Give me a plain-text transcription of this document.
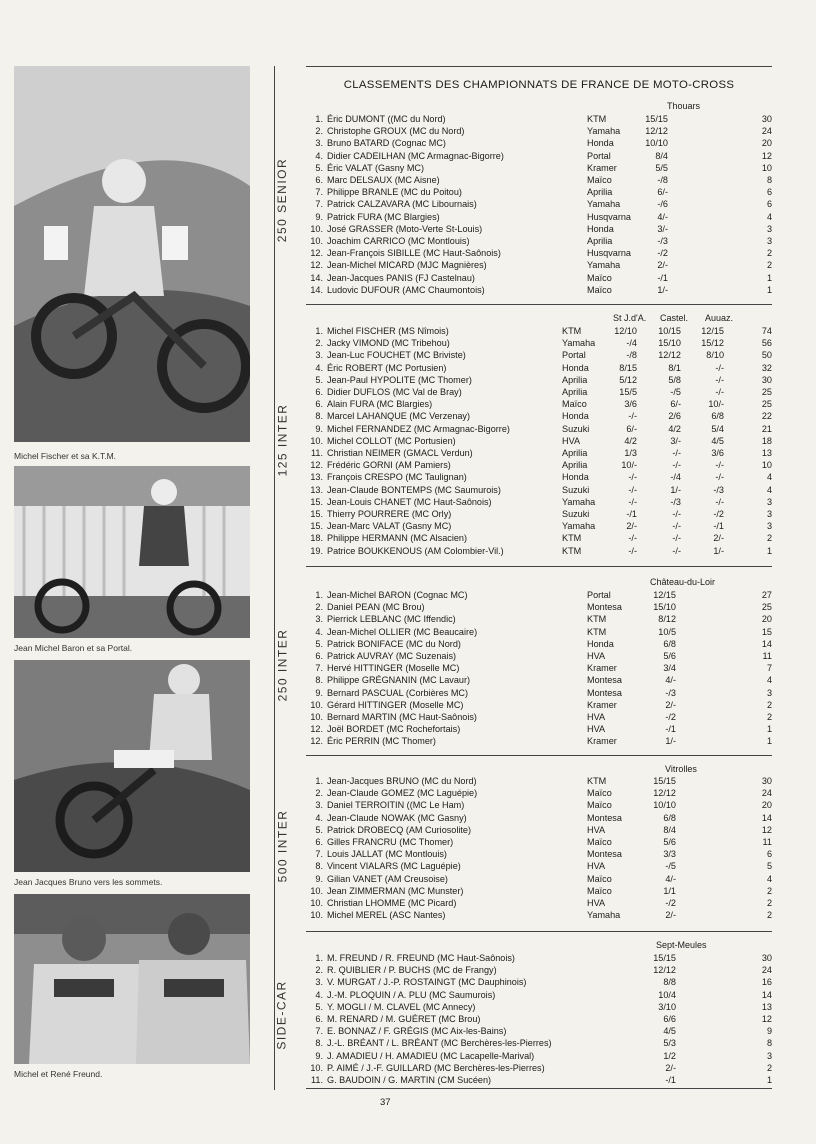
Michel Fischer et sa K.T.M.
Jean Michel Baron et sa Portal.
Jean Jacques Bruno vers les sommets.
Michel et René Freund.
CLASSEMENTS DES CHAMPIONNATS DE FRANCE DE MOTO-CROSS
250 SENIOR
125 INTER
250 INTER
500 INTER
SIDE-CAR
Thouars
St J.d'A. Castel. Auuaz.
Château-du-Loir
Vitrolles
Sept-Meules
1. Éric DUMONT ((MC du Nord)	KTM	15/15	30
2. Christophe GROUX (MC du Nord)	Yamaha	12/12	24
3. Bruno BATARD (Cognac MC)	Honda	10/10	20
4. Didier CADEILHAN (MC Armagnac-Bigorre)	Portal	8/4	12
5. Éric VALAT (Gasny MC)	Kramer	5/5	10
6. Marc DELSAUX (MC Aisne)	Maïco	-/8	8
7. Philippe BRANLE (MC du Poitou)	Aprilia	6/-	6
7. Patrick CALZAVARA (MC Libournais)	Yamaha	-/6	6
9. Patrick FURA (MC Blargies)	Husqvarna	4/-	4
10. José GRASSER (Moto-Verte St-Louis)	Honda	3/-	3
10. Joachim CARRICO (MC Montlouis)	Aprilia	-/3	3
12. Jean-François SIBILLE (MC Haut-Saônois)	Husqvarna	-/2	2
12. Jean-Michel MICARD (MJC Magnières)	Yamaha	2/-	2
14. Jean-Jacques PANIS (FJ Castelnau)	Maïco	-/1	1
14. Ludovic DUFOUR (AMC Chaumontois)	Maïco	1/-	1
1. Michel FISCHER (MS Nîmois)	KTM	12/10 10/15 12/15	74
2. Jacky VIMOND (MC Tribehou)	Yamaha	-/4 15/10 15/12	56
3. Jean-Luc FOUCHET (MC Briviste)	Portal	-/8 12/12	8/10	50
4. Éric ROBERT (MC Portusien)	Honda	8/15	8/1	-/-	32
5. Jean-Paul HYPOLITE (MC Thomer)	Aprilia	5/12	5/8	-/-	30
6. Didier DUFLOS (MC Val de Bray)	Aprilia	15/5	-/5	-/-	25
6. Alain FURA (MC Blargies)	Maïco	3/6	6/-	10/-	25
8. Marcel LAHANQUE (MC Verzenay)	Honda	-/-	2/6	6/8	22
9. Michel FERNANDEZ (MC Armagnac-Bigorre)	Suzuki	6/-	4/2	5/4	21
10. Michel COLLOT (MC Portusien)	HVA	4/2	3/-	4/5	18
11. Christian NEIMER (GMACL Verdun)	Aprilia	1/3	-/-	3/6	13
12. Frédéric GORNI (AM Pamiers)	Aprilia	10/-	-/-	-/-	10
13. François CRESPO (MC Taulignan)	Honda	-/-	-/4	-/-	4
13. Jean-Claude BONTEMPS (MC Saumurois)	Suzuki	-/-	1/-	-/3	4
15. Jean-Louis CHANET (MC Haut-Saônois)	Yamaha	-/-	-/3	-/-	3
15. Thierry POURRERE (MC Orly)	Suzuki	-/1	-/-	-/2	3
15. Jean-Marc VALAT (Gasny MC)	Yamaha	2/-	-/-	-/1	3
18. Philippe HERMANN (MC Alsacien)	KTM	-/-	-/-	2/-	2
19. Patrice BOUKKENOUS (AM Colombier-Vil.)	KTM	-/-	-/-	1/-	1
1. Jean-Michel BARON (Cognac MC)	Portal	12/15	27
2. Daniel PEAN (MC Brou)	Montesa	15/10	25
3. Pierrick LEBLANC (MC Iffendic)	KTM	8/12	20
4. Jean-Michel OLLIER (MC Beaucaire)	KTM	10/5	15
5. Patrick BONIFACE (MC du Nord)	Honda	6/8	14
6. Patrick AUVRAY (MC Suzenais)	HVA	5/6	11
7. Hervé HITTINGER (Moselle MC)	Kramer	3/4	7
8. Philippe GRÉGNANIN (MC Lavaur)	Montesa	4/-	4
9. Bernard PASCUAL (Corbières MC)	Montesa	-/3	3
10. Gérard HITTINGER (Moselle MC)	Kramer	2/-	2
10. Bernard MARTIN (MC Haut-Saônois)	HVA	-/2	2
12. Joël BORDET (MC Rochefortais)	HVA	-/1	1
12. Éric PERRIN (MC Thomer)	Kramer	1/-	1
1. Jean-Jacques BRUNO (MC du Nord)	KTM	15/15	30
2. Jean-Claude GOMEZ (MC Laguépie)	Maïco	12/12	24
3. Daniel TERROITIN ((MC Le Ham)	Maïco	10/10	20
4. Jean-Claude NOWAK (MC Gasny)	Montesa	6/8	14
5. Patrick DROBECQ (AM Curiosolite)	HVA	8/4	12
6. Gilles FRANCRU (MC Thomer)	Maïco	5/6	11
7. Louis JALLAT (MC Montlouis)	Montesa	3/3	6
8. Vincent VIALARS (MC Laguépie)	HVA	-/5	5
9. Gilian VANET (AM Creusoise)	Maïco	4/-	4
10. Jean ZIMMERMAN (MC Munster)	Maïco	1/1	2
10. Christian LHOMME (MC Picard)	HVA	-/2	2
10. Michel MEREL (ASC Nantes)	Yamaha	2/-	2
1. M. FREUND / R. FREUND (MC Haut-Saônois)	15/15	30
2. R. QUIBLIER / P. BUCHS (MC de Frangy)	12/12	24
3. V. MURGAT / J.-P. ROSTAINGT (MC Dauphinois)	8/8	16
4. J.-M. PLOQUIN / A. PLU (MC Saumurois)	10/4	14
5. Y. MOGLI / M. CLAVEL (MC Annecy)	3/10	13
6. M. RENARD / M. GUÉRET (MC Brou)	6/6	12
7. E. BONNAZ / F. GRÉGIS (MC Aix-les-Bains)	4/5	9
8. J.-L. BRÉANT / L. BRÉANT (MC Berchères-les-Pierres)	5/3	8
9. J. AMADIEU / H. AMADIEU (MC Lacapelle-Marival)	1/2	3
10. P. AIMÉ / J.-F. GUILLARD (MC Berchères-les-Pierres)	2/-	2
11. G. BAUDOIN / G. MARTIN (CM Sucéen)	-/1	1
37
